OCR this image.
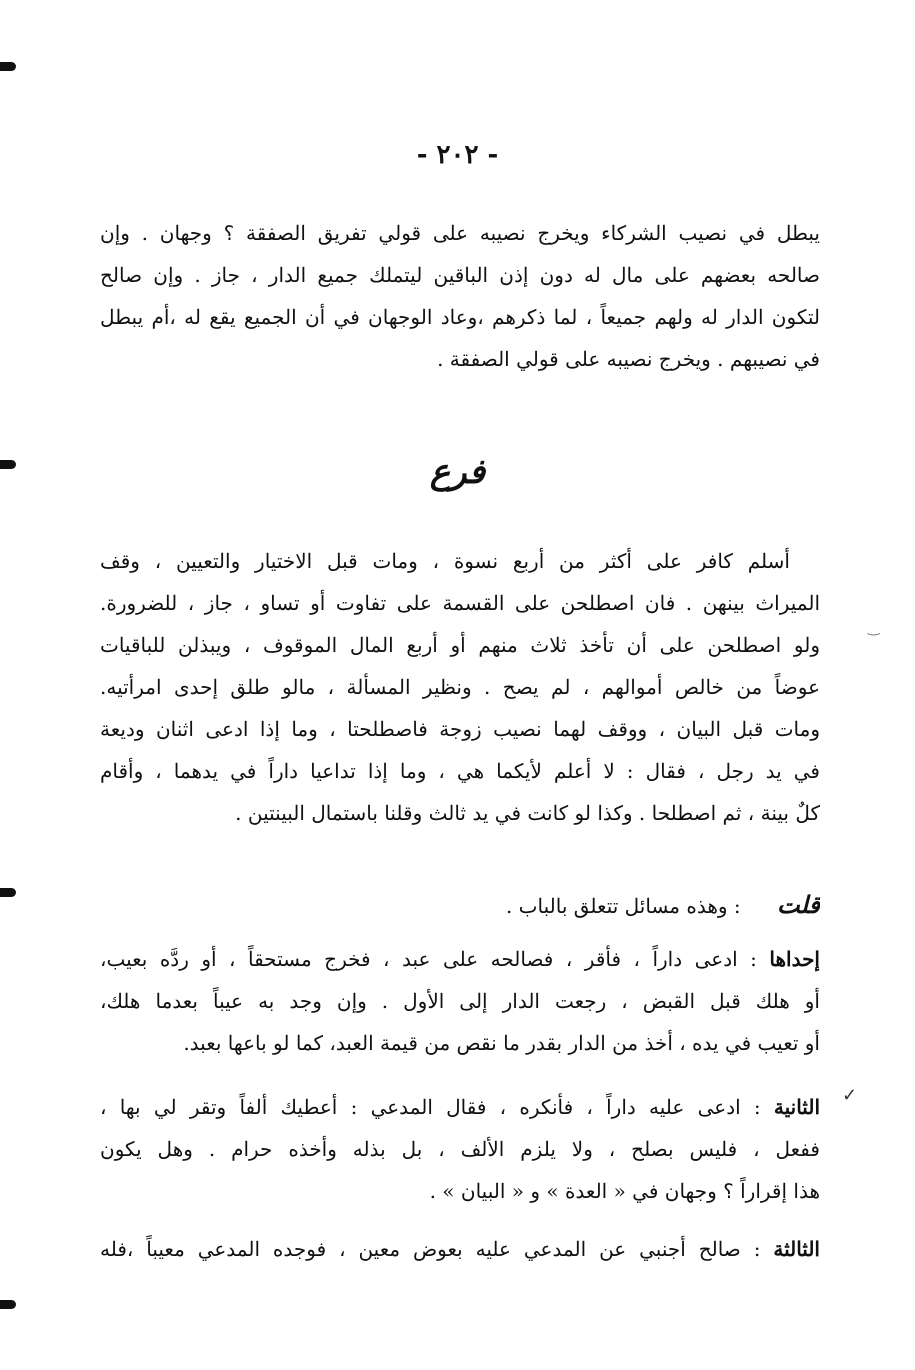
‿
✓
- ٢٠٢ -
يبطل في نصيب الشركاء ويخرج نصيبه على قولي تفريق الصفقة ؟ وجهان . وإن
صالحه بعضهم على مال له دون إذن الباقين ليتملك جميع الدار ، جاز . وإن صالح
لتكون الدار له ولهم جميعاً ، لما ذكرهم ،وعاد الوجهان في أن الجميع يقع له ،أم يبطل
في نصيبهم . ويخرج نصيبه على قولي الصفقة .
فرع
أسلم كافر على أكثر من أربع نسوة ، ومات قبل الاختيار والتعيين ، وقف
الميراث بينهن . فان اصطلحن على القسمة على تفاوت أو تساو ، جاز ، للضرورة.
ولو اصطلحن على أن تأخذ ثلاث منهم أو أربع المال الموقوف ، ويبذلن للباقيات
عوضاً من خالص أموالهم ، لم يصح . ونظير المسألة ، مالو طلق إحدى امرأتيه.
ومات قبل البيان ، ووقف لهما نصيب زوجة فاصطلحتا ، وما إذا ادعى اثنان وديعة
في يد رجل ، فقال : لا أعلم لأيكما هي ، وما إذا تداعيا داراً في يدهما ، وأقام
كلٌ بينة ، ثم اصطلحا . وكذا لو كانت في يد ثالث وقلنا باستمال البينتين .
قلت : وهذه مسائل تتعلق بالباب .
إحداها : ادعى داراً ، فأقر ، فصالحه على عبد ، فخرج مستحقاً ، أو ردَّه بعيب،
أو هلك قبل القبض ، رجعت الدار إلى الأول . وإن وجد به عيباً بعدما هلك،
أو تعيب في يده ، أخذ من الدار بقدر ما نقص من قيمة العبد، كما لو باعها بعبد.
الثانية : ادعى عليه داراً ، فأنكره ، فقال المدعي : أعطيك ألفاً وتقر لي بها ،
ففعل ، فليس بصلح ، ولا يلزم الألف ، بل بذله وأخذه حرام . وهل يكون
هذا إقراراً ؟ وجهان في « العدة » و « البيان » .
الثالثة : صالح أجنبي عن المدعي عليه بعوض معين ، فوجده المدعي معيباً ،فله
